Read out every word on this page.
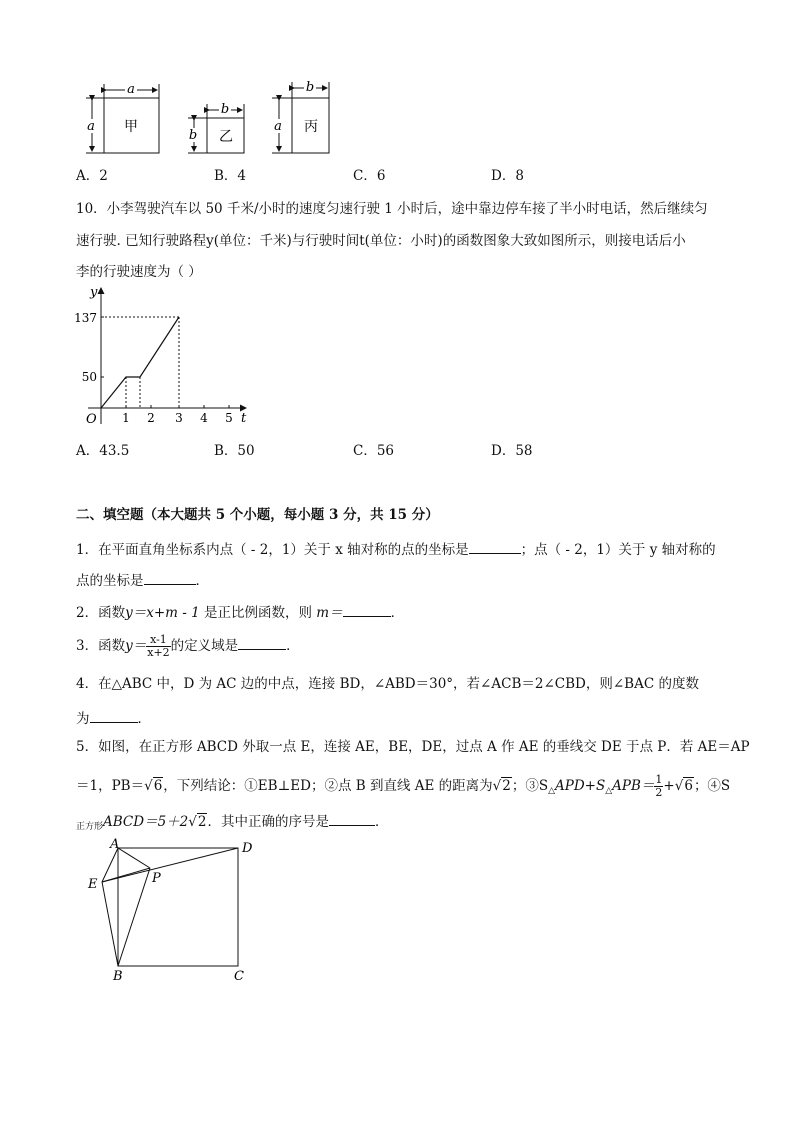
a
a 甲
b
b 乙
b
a 丙
A．2	B．4	C．6	D．8
10．小李驾驶汽车以 50 千米/小时的速度匀速行驶 1 小时后，途中靠边停车接了半小时电话，然后继续匀
速行驶. 已知行驶路程y(单位：千米)与行驶时间t(单位：小时)的函数图象大致如图所示，则接电话后小
李的行驶速度为（ ）
y
t
O
137
50
1 2 3 4 5
A．43.5	B．50	C．56	D．58
二、填空题（本大题共 5 个小题，每小题 3 分，共 15 分）
1．在平面直角坐标系内点（ - 2，1）关于 x 轴对称的点的坐标是	；点（ - 2，1）关于 y 轴对称的
点的坐标是	．
2．函数y＝x+m - 1 是正比例函数，则 m＝	．
3．函数$y= \frac{x-1}{x+2}$ 的定义域是	．
4．在△ABC 中，D 为 AC 边的中点，连接 BD，∠ABD＝30°，若∠ACB＝2∠CBD，则∠BAC 的度数
为	．
5．如图，在正方形 ABCD 外取一点 E，连接 AE，BE，DE，过点 A 作 AE 的垂线交 DE 于点 P．若 AE＝AP
＝1，PB＝√6，下列结论：①EB⊥ED；②点 B 到直线 AE 的距离为√2；$③S_\triangle APD+S_\triangle APB= \frac{1}{2} +√6$；④S
$_{正方形}$ABCD＝5＋2√2．其中正确的序号是	．
A	D
E	P
B	C
